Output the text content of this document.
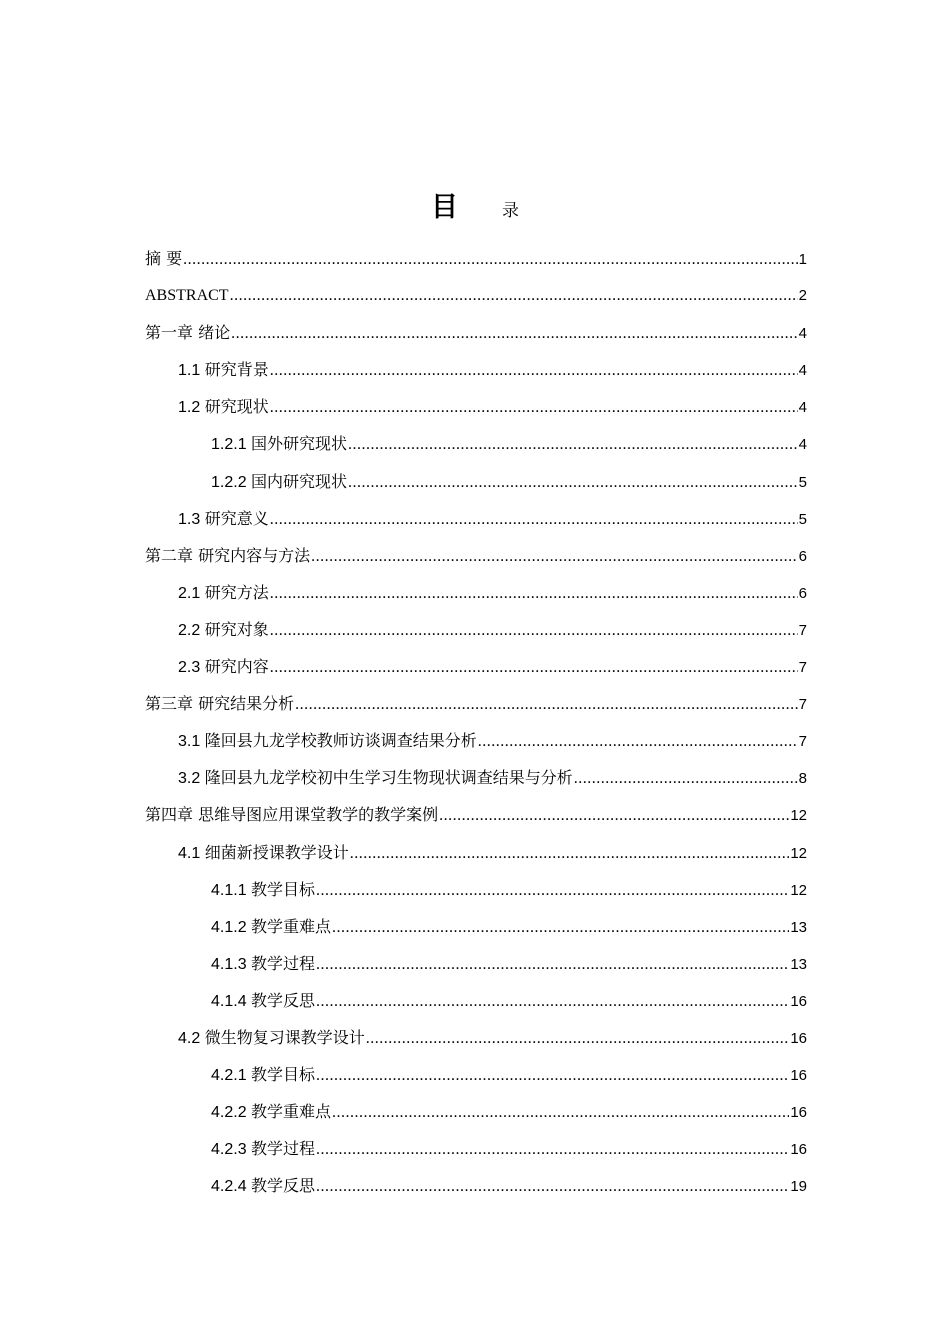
目	录
摘 要 .....	1
ABSTRACT .....	2
第一章 绪论 .....	4
1.1 研究背景 .....	4
1.2 研究现状 .....	4
1.2.1 国外研究现状 .....	4
1.2.2 国内研究现状 .....	5
1.3 研究意义 .....	5
第二章 研究内容与方法 .....	6
2.1 研究方法 .....	6
2.2 研究对象 .....	7
2.3 研究内容 .....	7
第三章 研究结果分析 .....	7
3.1 隆回县九龙学校教师访谈调查结果分析 .....	7
3.2 隆回县九龙学校初中生学习生物现状调查结果与分析 .....	8
第四章 思维导图应用课堂教学的教学案例 .....	12
4.1 细菌新授课教学设计 .....	12
4.1.1 教学目标 .....	12
4.1.2 教学重难点 .....	13
4.1.3 教学过程 .....	13
4.1.4 教学反思 .....	16
4.2 微生物复习课教学设计 .....	16
4.2.1 教学目标 .....	16
4.2.2 教学重难点 .....	16
4.2.3 教学过程 .....	16
4.2.4 教学反思 .....	19
